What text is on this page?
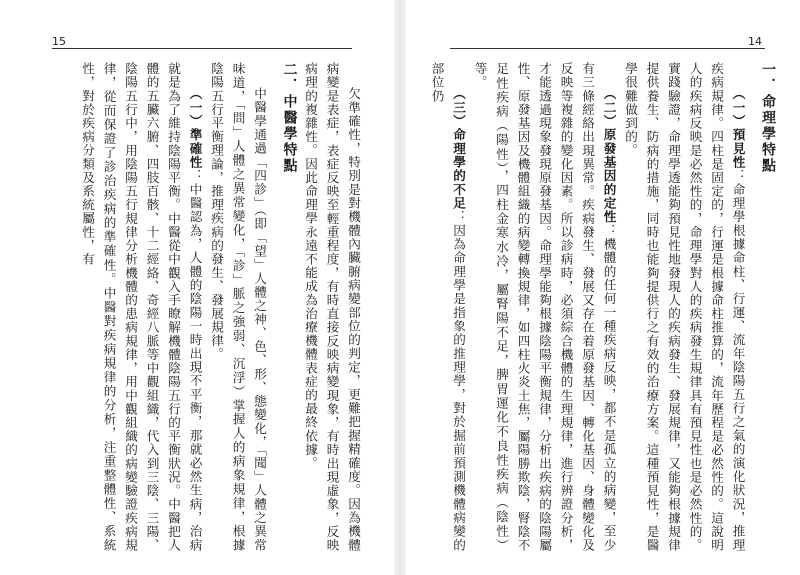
15

欠準確性，特別是對機體內臟腑病變部位的判定，更難把握精確度。因為機體病變是表症，表症反映至輕重程度，有時直接反映病變現象，有時出現虛象，反映病理的複雜性。因此命理學永遠不能成為治療機體表症的最終依據。

二．中醫學特點

中醫學通過「四診」（即「望」人體之神、色、形、態變化，「聞」人體之異常味道，「問」人體之異常變化，「診」脈之強弱、沉浮）掌握人的病象規律，根據陰陽五行平衡理論，推理疾病的發生、發展規律。

（一）準確性：中醫認為，人體的陰陽一時出現不平衡，那就必然生病，治病就是為了維持陰陽平衡。中醫從中觀入手瞭解機體陰陽五行的平衡狀況。中醫把人體的五臟六腑、四肢百骸、十二經絡、奇經八脈等中觀組織，代入到三陰、三陽、陰陽五行中，用陰陽五行規律分析機體的患病規律，用中觀組織的病變驗證疾病規律，從而保證了診治疾病的準確性。中醫對疾病規律的分析，注重整體性、系統性，對於疾病分類及系統屬性，有

14

一．命理學特點

（一）預見性：命理學根據命柱、行運、流年陰陽五行之氣的演化狀況，推理疾病規律。四柱是固定的，行運是根據命柱推算的，流年歷程是必然性的。這說明人的疾病反映是必然性的，命理學對人的疾病發生規律具有預見性也是必然性的。實踐驗證，命理學透能夠預見性地發現人的疾病發生、發展規律，又能夠根據規律提供養生、防病的措施，同時也能夠提供行之有效的治療方案。這種預見性，是醫學很難做到的。

（二）原發基因的定性：機體的任何一種疾病反映，都不是孤立的病變，至少有三條經絡出現異常。疾病發生、發展又存在着原發基因、轉化基因、身體變化及反映等複雜的變化因素。所以診病時，必須綜合機體的生理規律，進行辨證分析，才能透過現象發現原發基因。命理學能夠根據陰陽平衡規律，分析出疾病的陰陽屬性、原發基因及機體組織的病變轉換規律，如四柱火炎土焦，屬陽勝欺陰，腎陰不足性疾病（陽性），四柱金寒水冷，屬腎陽不足，脾胃運化不良性疾病（陰性）等。

（三）命理學的不足：因為命理學是指象的推理學，對於掘前預測機體病變的部位仍
